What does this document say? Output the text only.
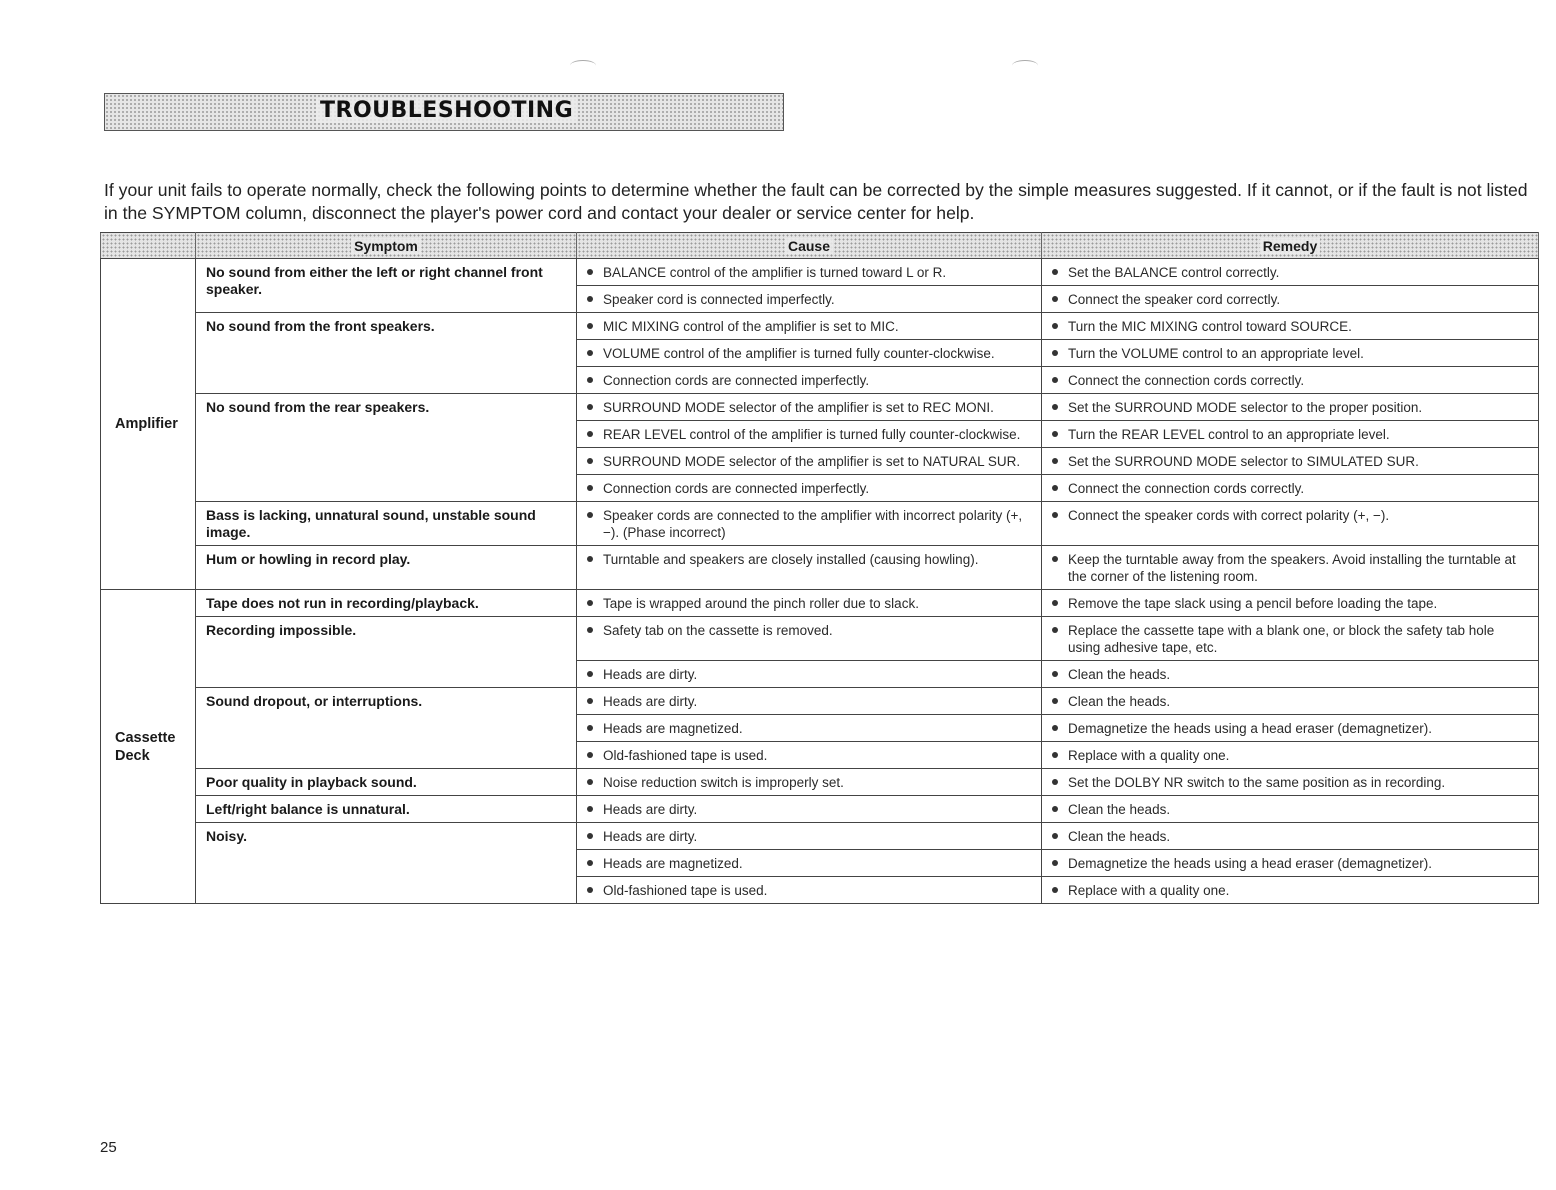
TROUBLESHOOTING

If your unit fails to operate normally, check the following points to determine whether the fault can be corrected by the simple measures suggested. If it cannot, or if the fault is not listed in the SYMPTOM column, disconnect the player's power cord and contact your dealer or service center for help.

	Symptom	Cause	Remedy
Amplifier	No sound from either the left or right channel front speaker.	BALANCE control of the amplifier is turned toward L or R.	Set the BALANCE control correctly.

		Speaker cord is connected imperfectly.	Connect the speaker cord correctly.

	No sound from the front speakers.	MIC MIXING control of the amplifier is set to MIC.	Turn the MIC MIXING control toward SOURCE.

		VOLUME control of the amplifier is turned fully counter-clockwise.	Turn the VOLUME control to an appropriate level.

		Connection cords are connected imperfectly.	Connect the connection cords correctly.

	No sound from the rear speakers.	SURROUND MODE selector of the amplifier is set to REC MONI.	Set the SURROUND MODE selector to the proper position.

		REAR LEVEL control of the amplifier is turned fully counter-clockwise.	Turn the REAR LEVEL control to an appropriate level.

		SURROUND MODE selector of the amplifier is set to NATURAL SUR.	Set the SURROUND MODE selector to SIMULATED SUR.

		Connection cords are connected imperfectly.	Connect the connection cords correctly.

	Bass is lacking, unnatural sound, unstable sound image.	Speaker cords are connected to the amplifier with incorrect polarity (+, −). (Phase incorrect)	Connect the speaker cords with correct polarity (+, −).

	Hum or howling in record play.	Turntable and speakers are closely installed (causing howling).	Keep the turntable away from the speakers. Avoid installing the turntable at the corner of the listening room.

Cassette Deck	Tape does not run in recording/playback.	Tape is wrapped around the pinch roller due to slack.	Remove the tape slack using a pencil before loading the tape.

	Recording impossible.	Safety tab on the cassette is removed.	Replace the cassette tape with a blank one, or block the safety tab hole using adhesive tape, etc.

		Heads are dirty.	Clean the heads.

	Sound dropout, or interruptions.	Heads are dirty.	Clean the heads.

		Heads are magnetized.	Demagnetize the heads using a head eraser (demagnetizer).

		Old-fashioned tape is used.	Replace with a quality one.

	Poor quality in playback sound.	Noise reduction switch is improperly set.	Set the DOLBY NR switch to the same position as in recording.

	Left/right balance is unnatural.	Heads are dirty.	Clean the heads.

	Noisy.	Heads are dirty.	Clean the heads.

		Heads are magnetized.	Demagnetize the heads using a head eraser (demagnetizer).

		Old-fashioned tape is used.	Replace with a quality one.
25
